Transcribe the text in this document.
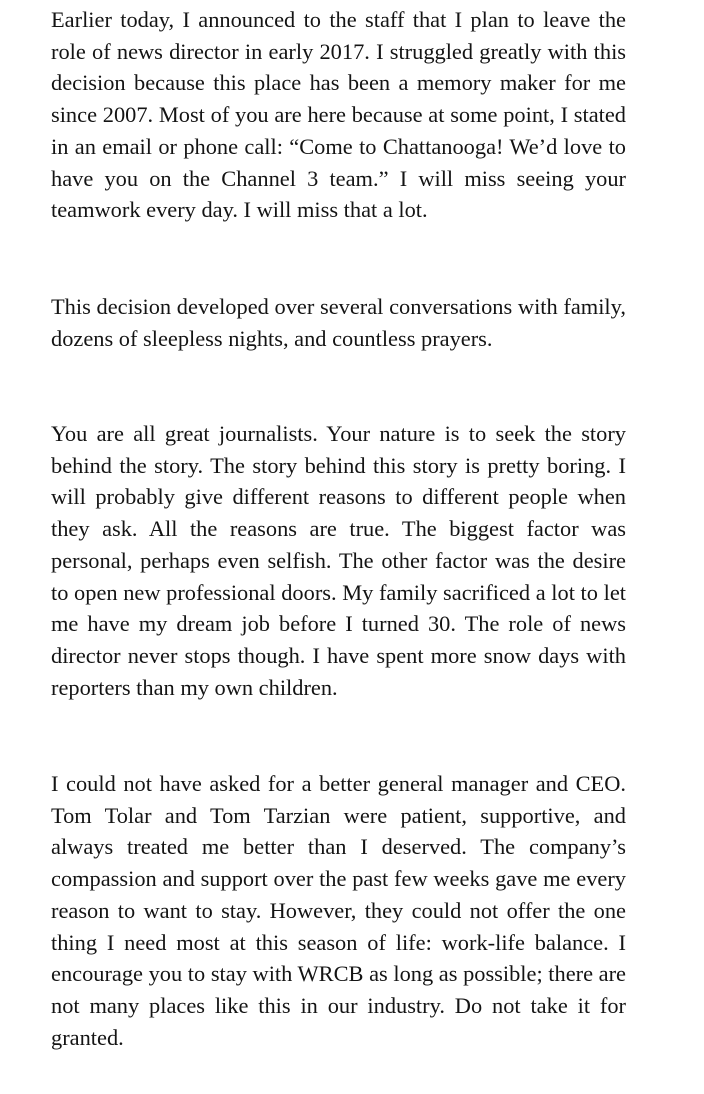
Earlier today, I announced to the staff that I plan to leave the role of news director in early 2017. I struggled greatly with this decision because this place has been a memory maker for me since 2007. Most of you are here because at some point, I stated in an email or phone call: “Come to Chattanooga! We’d love to have you on the Channel 3 team.” I will miss seeing your teamwork every day. I will miss that a lot.

This decision developed over several conversations with family, dozens of sleepless nights, and countless prayers.

You are all great journalists. Your nature is to seek the story behind the story. The story behind this story is pretty boring. I will probably give different reasons to different people when they ask. All the reasons are true. The biggest factor was personal, perhaps even selfish. The other factor was the desire to open new professional doors. My family sacrificed a lot to let me have my dream job before I turned 30. The role of news director never stops though. I have spent more snow days with reporters than my own children.

I could not have asked for a better general manager and CEO. Tom Tolar and Tom Tarzian were patient, supportive, and always treated me better than I deserved. The company’s compassion and support over the past few weeks gave me every reason to want to stay. However, they could not offer the one thing I need most at this season of life: work-life balance. I encourage you to stay with WRCB as long as possible; there are not many places like this in our industry. Do not take it for granted.
